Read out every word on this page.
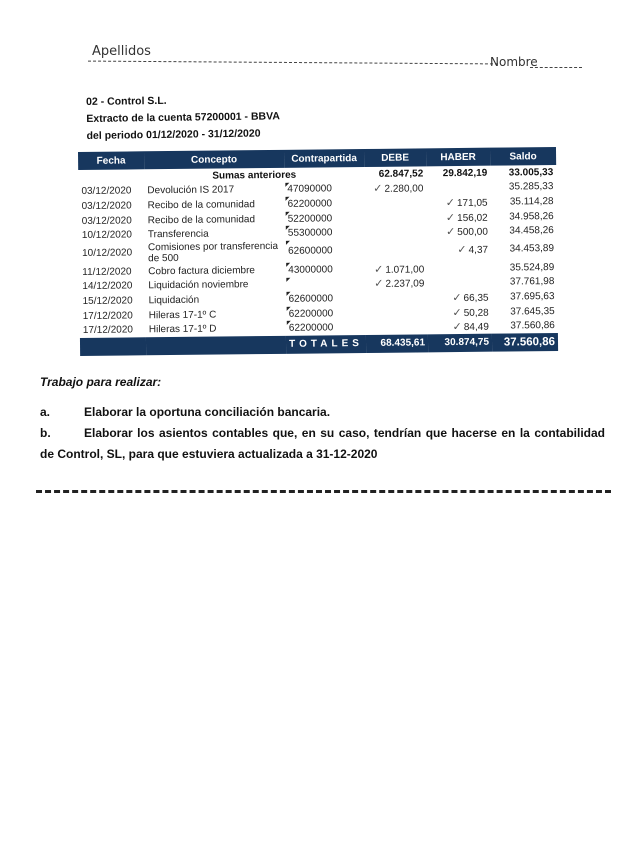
Apellidos
Nombre
02 - Control S.L.
Extracto de la cuenta 57200001 - BBVA
del periodo 01/12/2020 - 31/12/2020
Fecha	Concepto	Contrapartida	DEBE	HABER	Saldo
	Sumas anteriores		62.847,52	29.842,19	33.005,33
03/12/2020	Devolución IS 2017	47090000	✓ 2.280,00		35.285,33
03/12/2020	Recibo de la comunidad	62200000		✓ 171,05	35.114,28
03/12/2020	Recibo de la comunidad	52200000		✓ 156,02	34.958,26
10/12/2020	Transferencia	55300000		✓ 500,00	34.458,26
10/12/2020	Comisiones por transferencia de 500	62600000		✓ 4,37	34.453,89
11/12/2020	Cobro factura diciembre	43000000	✓ 1.071,00		35.524,89
14/12/2020	Liquidación noviembre		✓ 2.237,09		37.761,98
15/12/2020	Liquidación	62600000		✓ 66,35	37.695,63
17/12/2020	Hileras 17-1º C	62200000		✓ 50,28	37.645,35
17/12/2020	Hileras 17-1º D	62200000		✓ 84,49	37.560,86
		TOTALES	68.435,61	30.874,75	37.560,86
Trabajo para realizar:
a.	Elaborar la oportuna conciliación bancaria.
b.	Elaborar los asientos contables que, en su caso, tendrían que hacerse en la contabilidad de Control, SL, para que estuviera actualizada a 31-12-2020
